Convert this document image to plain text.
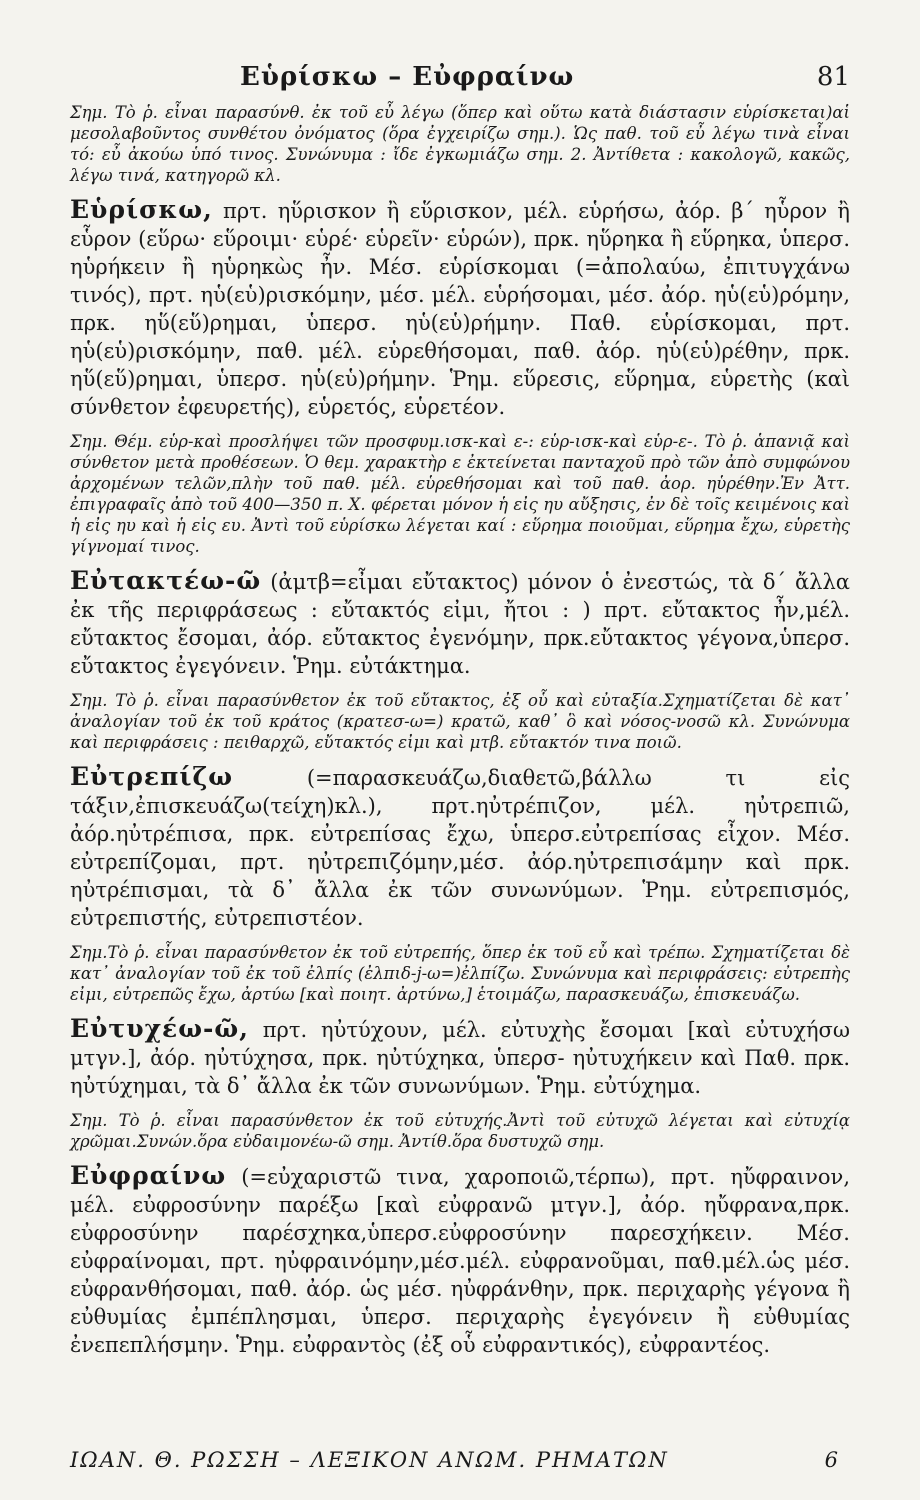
Εὑρίσκω – Εὐφραίνω	81
Σημ. Τὸ ῥ. εἶναι παρασύνθ. ἐκ τοῦ εὖ λέγω (ὅπερ καὶ οὕτω κατὰ διάστασιν εὑρίσκεται)αἱ μεσολαβοῦντος συνθέτου ὀνόματος (ὅρα ἐγχειρίζω σημ.). Ὡς παθ. τοῦ εὖ λέγω τινὰ εἶναι τό: εὖ ἀκούω ὑπό τινος. Συνώνυμα : ἴδε ἐγκωμιάζω σημ. 2. Ἀντίθετα : κακολογῶ, κακῶς, λέγω τινά, κατηγορῶ κλ.
Εὑρίσκω, πρτ. ηὕρισκον ἢ εὕρισκον, μέλ. εὑρήσω, ἀόρ. β΄ ηὗρον ἢ εὗρον (εὕρω· εὕροιμι· εὑρέ· εὑρεῖν· εὑρών), πρκ. ηὕρηκα ἢ εὕρηκα, ὑπερσ. ηὑρήκειν ἢ ηὑρηκὼς ἦν. Μέσ. εὑρίσκομαι (=ἀπολαύω, ἐπιτυγχάνω τινός), πρτ. ηὑ(εὑ)ρισκόμην, μέσ. μέλ. εὑρήσομαι, μέσ. ἀόρ. ηὑ(εὑ)ρόμην, πρκ. ηὕ(εὕ)ρημαι, ὑπερσ. ηὑ(εὑ)ρήμην. Παθ. εὑρίσκομαι, πρτ. ηὑ(εὑ)ρισκόμην, παθ. μέλ. εὑρεθήσομαι, παθ. ἀόρ. ηὑ(εὑ)ρέθην, πρκ. ηὕ(εὕ)ρημαι, ὑπερσ. ηὑ(εὑ)ρήμην. Ῥημ. εὕρεσις, εὕρημα, εὑρετὴς (καὶ σύνθετον ἐφευρετής), εὑρετός, εὑρετέον.
Σημ. Θέμ. εὑρ-καὶ προσλήψει τῶν προσφυμ.ισκ-καὶ ε-: εὑρ-ισκ-καὶ εὑρ-ε-. Τὸ ῥ. ἁπανιᾷ καὶ σύνθετον μετὰ προθέσεων. Ὁ θεμ. χαρακτὴρ ε ἐκτείνεται πανταχοῦ πρὸ τῶν ἀπὸ συμφώνου ἀρχομένων τελῶν,πλὴν τοῦ παθ. μέλ. εὑρεθήσομαι καὶ τοῦ παθ. ἀορ. ηὑρέθην.Ἐν Ἀττ. ἐπιγραφαῖς ἀπὸ τοῦ 400—350 π. Χ. φέρεται μόνον ἡ εἰς ηυ αὔξησις, ἐν δὲ τοῖς κειμένοις καὶ ἡ εἰς ηυ καὶ ἡ εἰς ευ. Ἀντὶ τοῦ εὑρίσκω λέγεται καί : εὕρημα ποιοῦμαι, εὕρημα ἔχω, εὑρετὴς γίγνομαί τινος.
Εὐτακτέω-ῶ (ἀμτβ=εἶμαι εὔτακτος) μόνον ὁ ἐνεστώς, τὰ δ΄ ἄλλα ἐκ τῆς περιφράσεως : εὔτακτός εἰμι, ἤτοι : ) πρτ. εὔτακτος ἦν,μέλ. εὔτακτος ἔσομαι, ἀόρ. εὔτακτος ἐγενόμην, πρκ.εὔτακτος γέγονα,ὑπερσ. εὔτακτος ἐγεγόνειν. Ῥημ. εὐτάκτημα.
Σημ. Τὸ ῥ. εἶναι παρασύνθετον ἐκ τοῦ εὔτακτος, ἐξ οὗ καὶ εὐταξία.Σχηματίζεται δὲ κατ᾽ ἀναλογίαν τοῦ ἐκ τοῦ κράτος (κρατεσ-ω=) κρατῶ, καθ᾽ ὃ καὶ νόσος-νοσῶ κλ. Συνώνυμα καὶ περιφράσεις : πειθαρχῶ, εὔτακτός εἰμι καὶ μτβ. εὔτακτόν τινα ποιῶ.
Εὐτρεπίζω	(=παρασκευάζω,διαθετῶ,βάλλω τι εἰς τάξιν,ἐπισκευάζω(τείχη)κλ.), πρτ.ηὐτρέπιζον, μέλ. ηὐτρεπιῶ, ἀόρ.ηὐτρέπισα, πρκ. εὐτρεπίσας ἔχω, ὑπερσ.εὐτρεπίσας εἶχον. Μέσ. εὐτρεπίζομαι, πρτ. ηὐτρεπιζόμην,μέσ. ἀόρ.ηὐτρεπισάμην καὶ πρκ. ηὐτρέπισμαι, τὰ δ᾽ ἄλλα ἐκ τῶν συνωνύμων. Ῥημ. εὐτρεπισμός, εὐτρεπιστής, εὐτρεπιστέον.
Σημ.Τὸ ῥ. εἶναι παρασύνθετον ἐκ τοῦ εὐτρεπής, ὅπερ ἐκ τοῦ εὖ καὶ τρέπω. Σχηματίζεται δὲ κατ᾽ ἀναλογίαν τοῦ ἐκ τοῦ ἐλπίς (ἐλπιδ-j-ω=)ἐλπίζω. Συνώνυμα καὶ περιφράσεις: εὐτρεπὴς εἰμι, εὐτρεπῶς ἔχω, ἀρτύω [καὶ ποιητ. ἀρτύνω,] ἑτοιμάζω, παρασκευάζω, ἐπισκευάζω.
Εὐτυχέω-ῶ, πρτ. ηὐτύχουν, μέλ. εὐτυχὴς ἔσομαι [καὶ εὐτυχήσω μτγν.], ἀόρ. ηὐτύχησα, πρκ. ηὐτύχηκα, ὑπερσ- ηὐτυχήκειν καὶ Παθ. πρκ. ηὐτύχημαι, τὰ δ᾽ ἄλλα ἐκ τῶν συνωνύμων. Ῥημ. εὐτύχημα.
Σημ. Τὸ ῥ. εἶναι παρασύνθετον ἐκ τοῦ εὐτυχής.Ἀντὶ τοῦ εὐτυχῶ λέγεται καὶ εὐτυχίᾳ χρῶμαι.Συνών.ὅρα εὐδαιμονέω-ῶ σημ. Ἀντίθ.ὅρα δυστυχῶ σημ.
Εὐφραίνω (=εὐχαριστῶ τινα, χαροποιῶ,τέρπω), πρτ. ηὔφραινον, μέλ. εὐφροσύνην παρέξω [καὶ εὐφρανῶ μτγν.], ἀόρ. ηὔφρανα,πρκ. εὐφροσύνην παρέσχηκα,ὑπερσ.εὐφροσύνην παρεσχήκειν. Μέσ. εὐφραίνομαι, πρτ. ηὐφραινόμην,μέσ.μέλ. εὐφρανοῦμαι, παθ.μέλ.ὡς μέσ. εὐφρανθήσομαι, παθ. ἀόρ. ὡς μέσ. ηὐφράνθην, πρκ. περιχαρὴς γέγονα ἢ εὐθυμίας ἐμπέπλησμαι, ὑπερσ. περιχαρὴς ἐγεγόνειν ἢ εὐθυμίας ἐνεπεπλήσμην. Ῥημ. εὐφραντὸς (ἐξ οὗ εὐφραντικός), εὐφραντέος.
ΙΩΑΝ. Θ. ΡΩΣΣΗ – ΛΕΞΙΚΟΝ ΑΝΩΜ. ΡΗΜΑΤΩΝ	6
